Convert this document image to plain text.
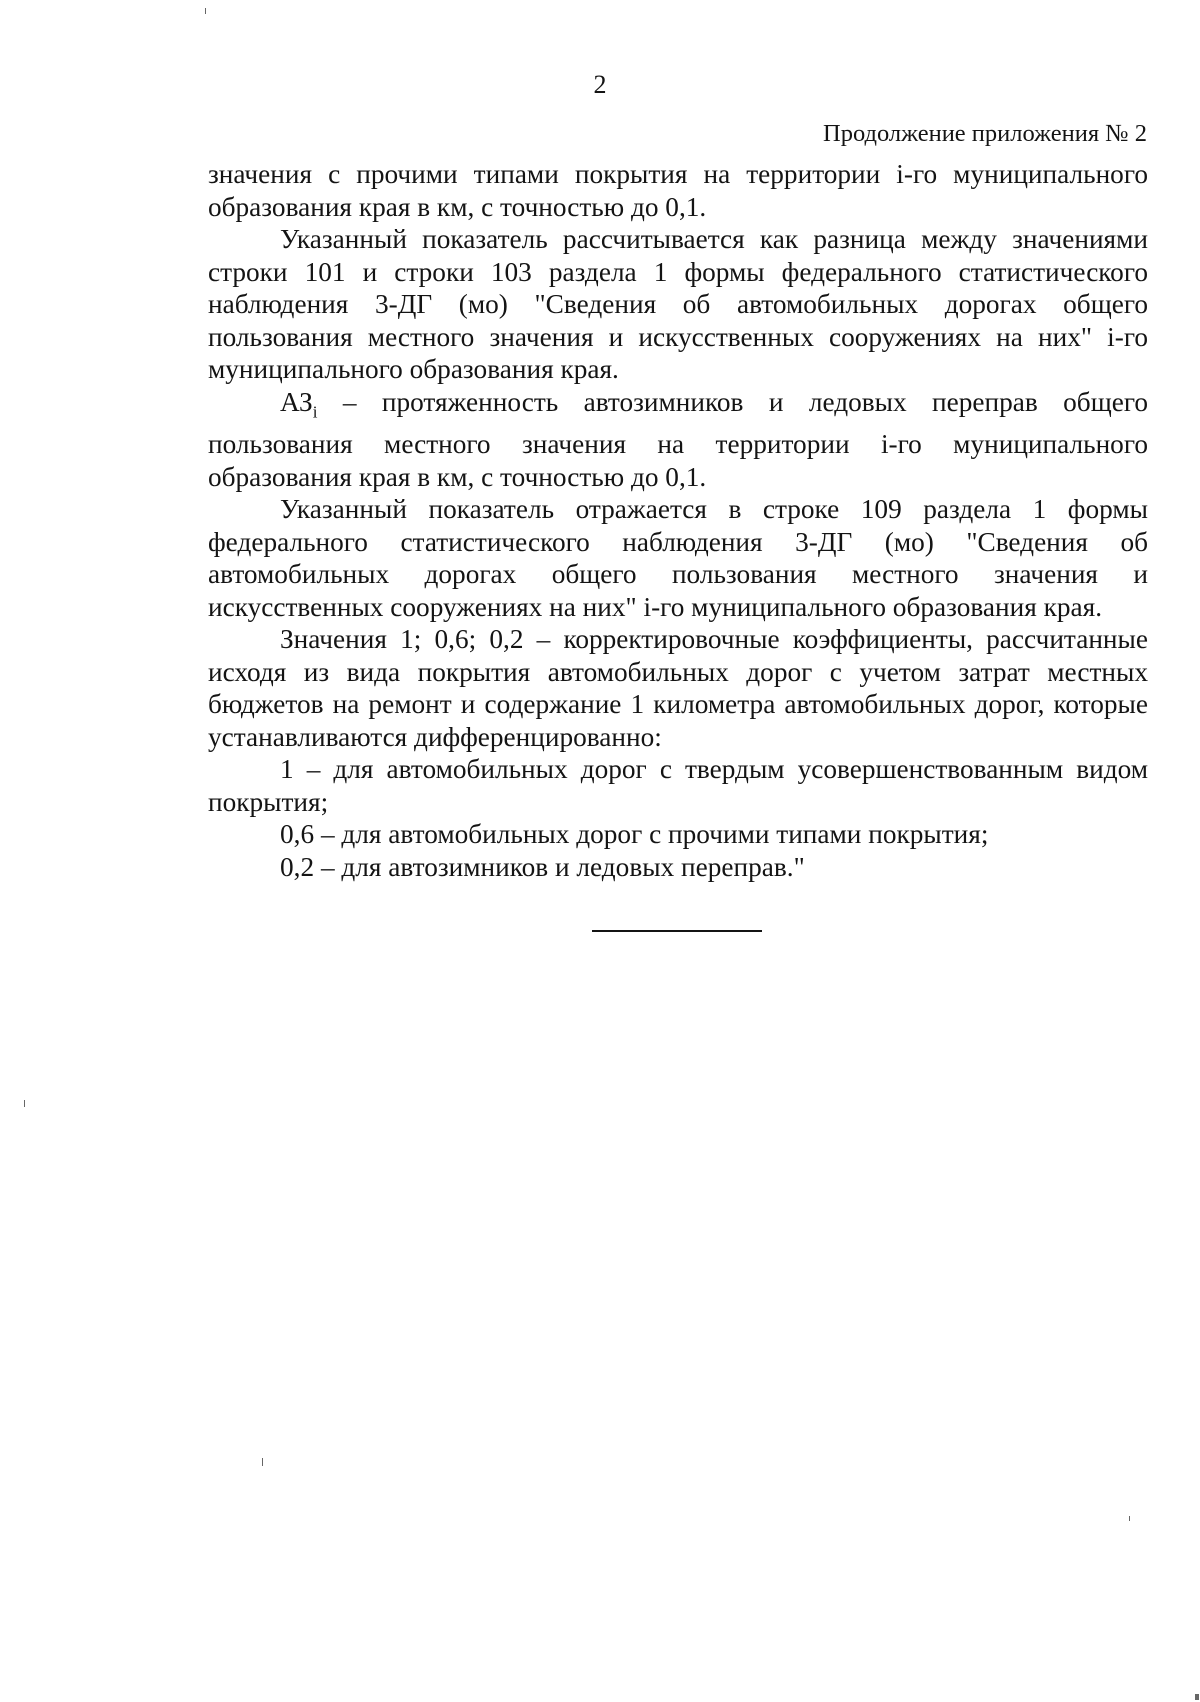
2
Продолжение приложения № 2

значения с прочими типами покрытия на территории i-го муниципального образования края в км, с точностью до 0,1.

Указанный показатель рассчитывается как разница между значениями строки 101 и строки 103 раздела 1 формы федерального статистического наблюдения 3-ДГ (мо) "Сведения об автомобильных дорогах общего пользования местного значения и искусственных сооружениях на них" i-го муниципального образования края.

$АЗ_i$ – протяженность автозимников и ледовых переправ общего пользования местного значения на территории i-го муниципального образования края в км, с точностью до 0,1.

Указанный показатель отражается в строке 109 раздела 1 формы федерального статистического наблюдения 3-ДГ (мо) "Сведения об автомобильных дорогах общего пользования местного значения и искусственных сооружениях на них" i-го муниципального образования края.

Значения 1; 0,6; 0,2 – корректировочные коэффициенты, рассчитанные исходя из вида покрытия автомобильных дорог с учетом затрат местных бюджетов на ремонт и содержание 1 километра автомобильных дорог, которые устанавливаются дифференцированно:

1 – для автомобильных дорог с твердым усовершенствованным видом покрытия;

0,6 – для автомобильных дорог с прочими типами покрытия;

0,2 – для автозимников и ледовых переправ."
